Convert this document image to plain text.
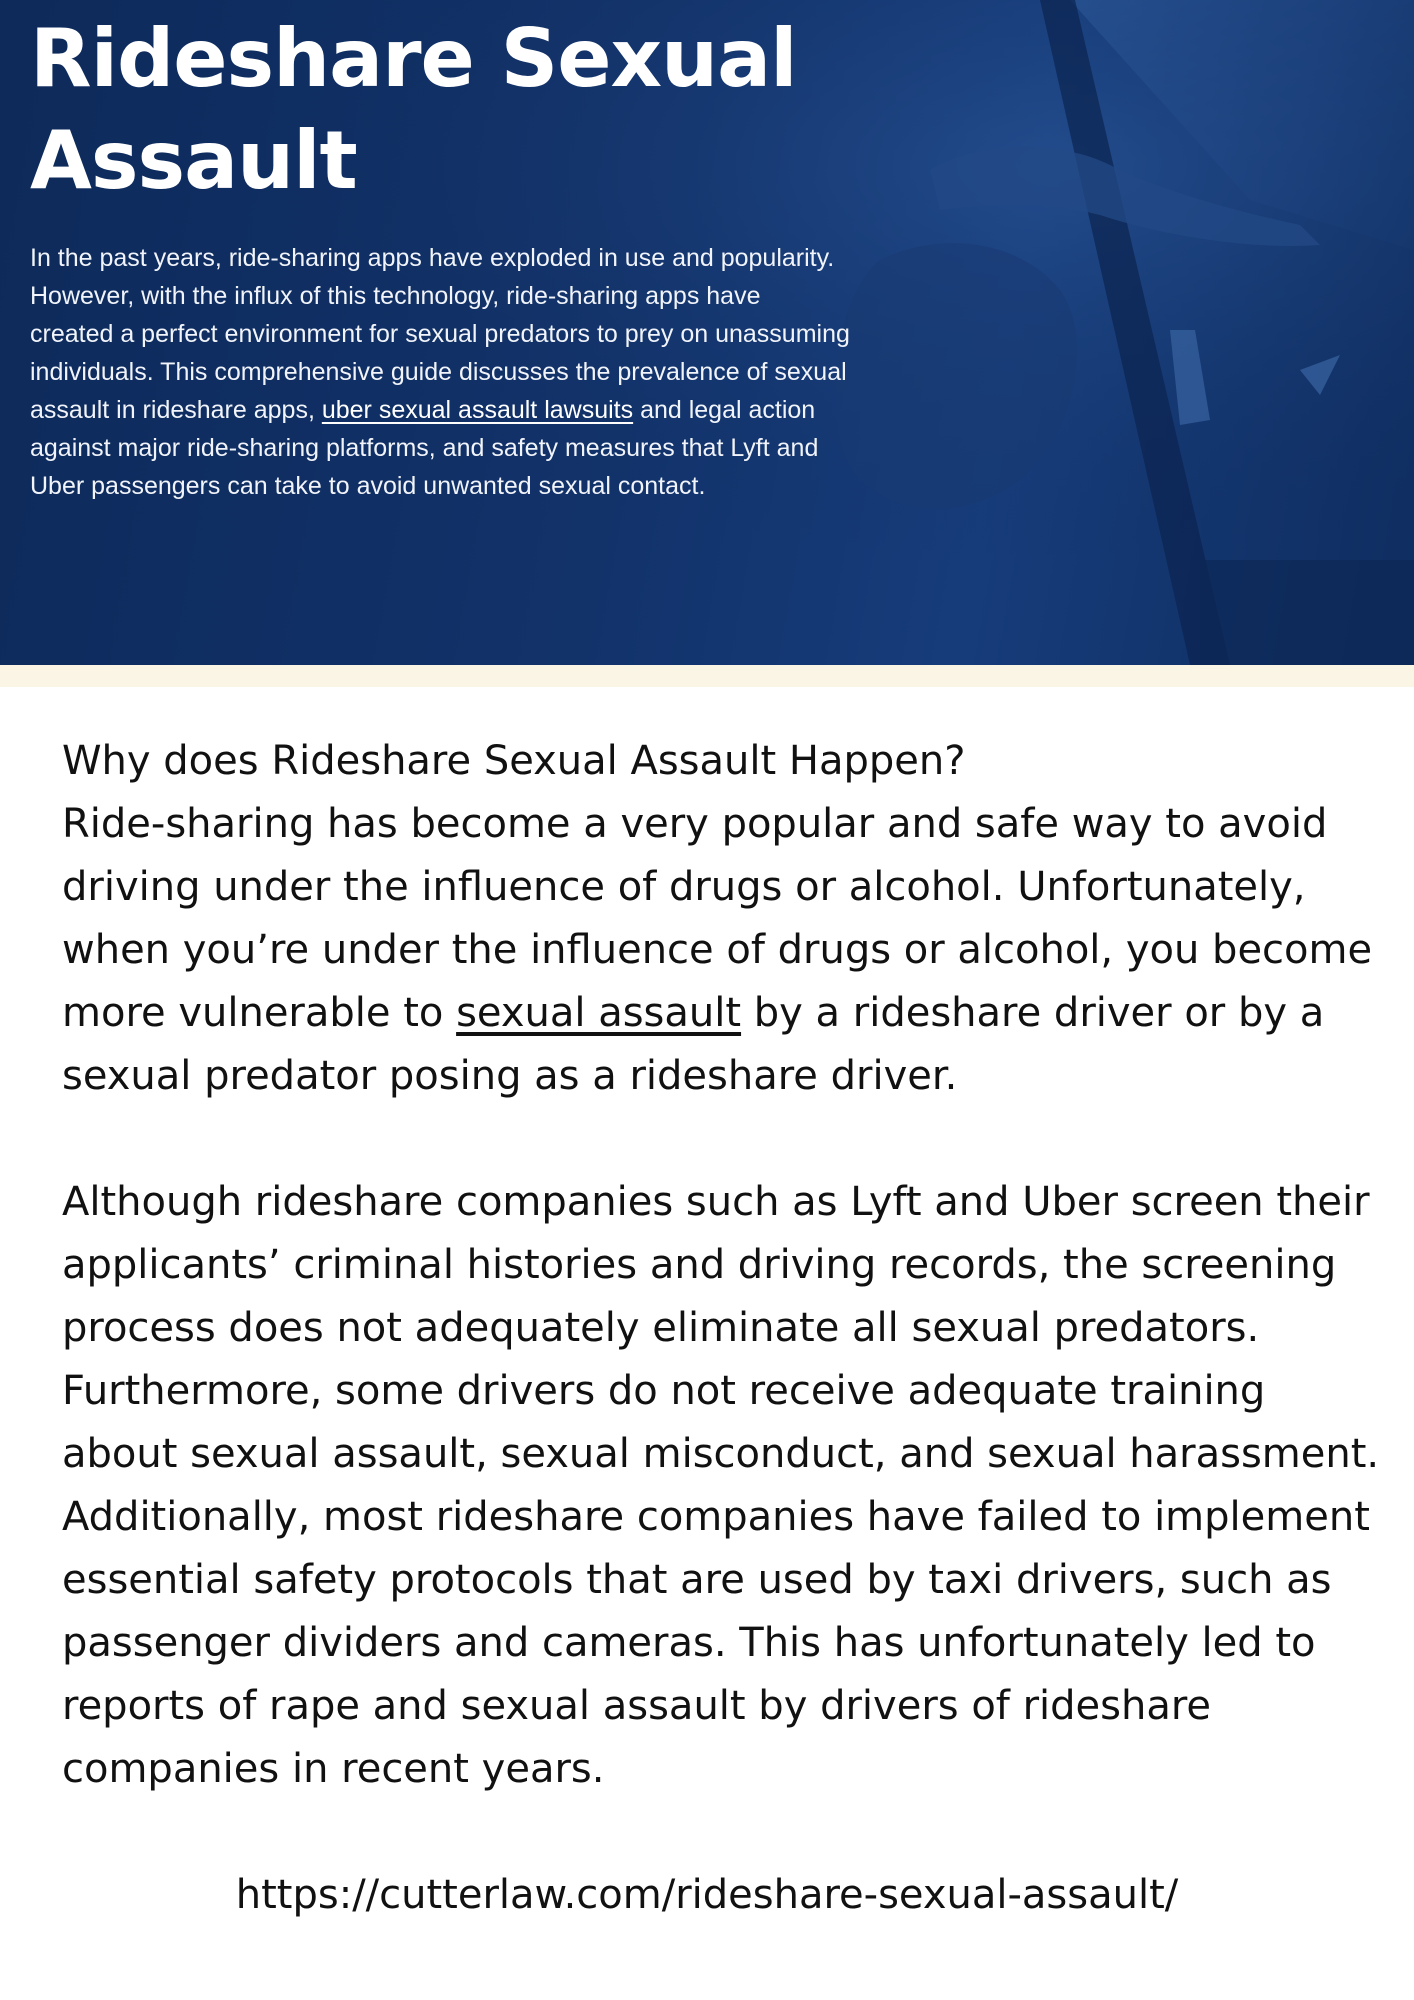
Rideshare Sexual
Assault

In the past years, ride-sharing apps have exploded in use and popularity. However, with the influx of this technology, ride-sharing apps have created a perfect environment for sexual predators to prey on unassuming individuals. This comprehensive guide discusses the prevalence of sexual assault in rideshare apps, uber sexual assault lawsuits and legal action against major ride-sharing platforms, and safety measures that Lyft and Uber passengers can take to avoid unwanted sexual contact.

Why does Rideshare Sexual Assault Happen?

Ride-sharing has become a very popular and safe way to avoid driving under the influence of drugs or alcohol. Unfortunately, when you’re under the influence of drugs or alcohol, you become more vulnerable to sexual assault by a rideshare driver or by a sexual predator posing as a rideshare driver.

Although rideshare companies such as Lyft and Uber screen their applicants’ criminal histories and driving records, the screening process does not adequately eliminate all sexual predators. Furthermore, some drivers do not receive adequate training about sexual assault, sexual misconduct, and sexual harassment. Additionally, most rideshare companies have failed to implement essential safety protocols that are used by taxi drivers, such as passenger dividers and cameras. This has unfortunately led to reports of rape and sexual assault by drivers of rideshare companies in recent years.

https://cutterlaw.com/rideshare-sexual-assault/
